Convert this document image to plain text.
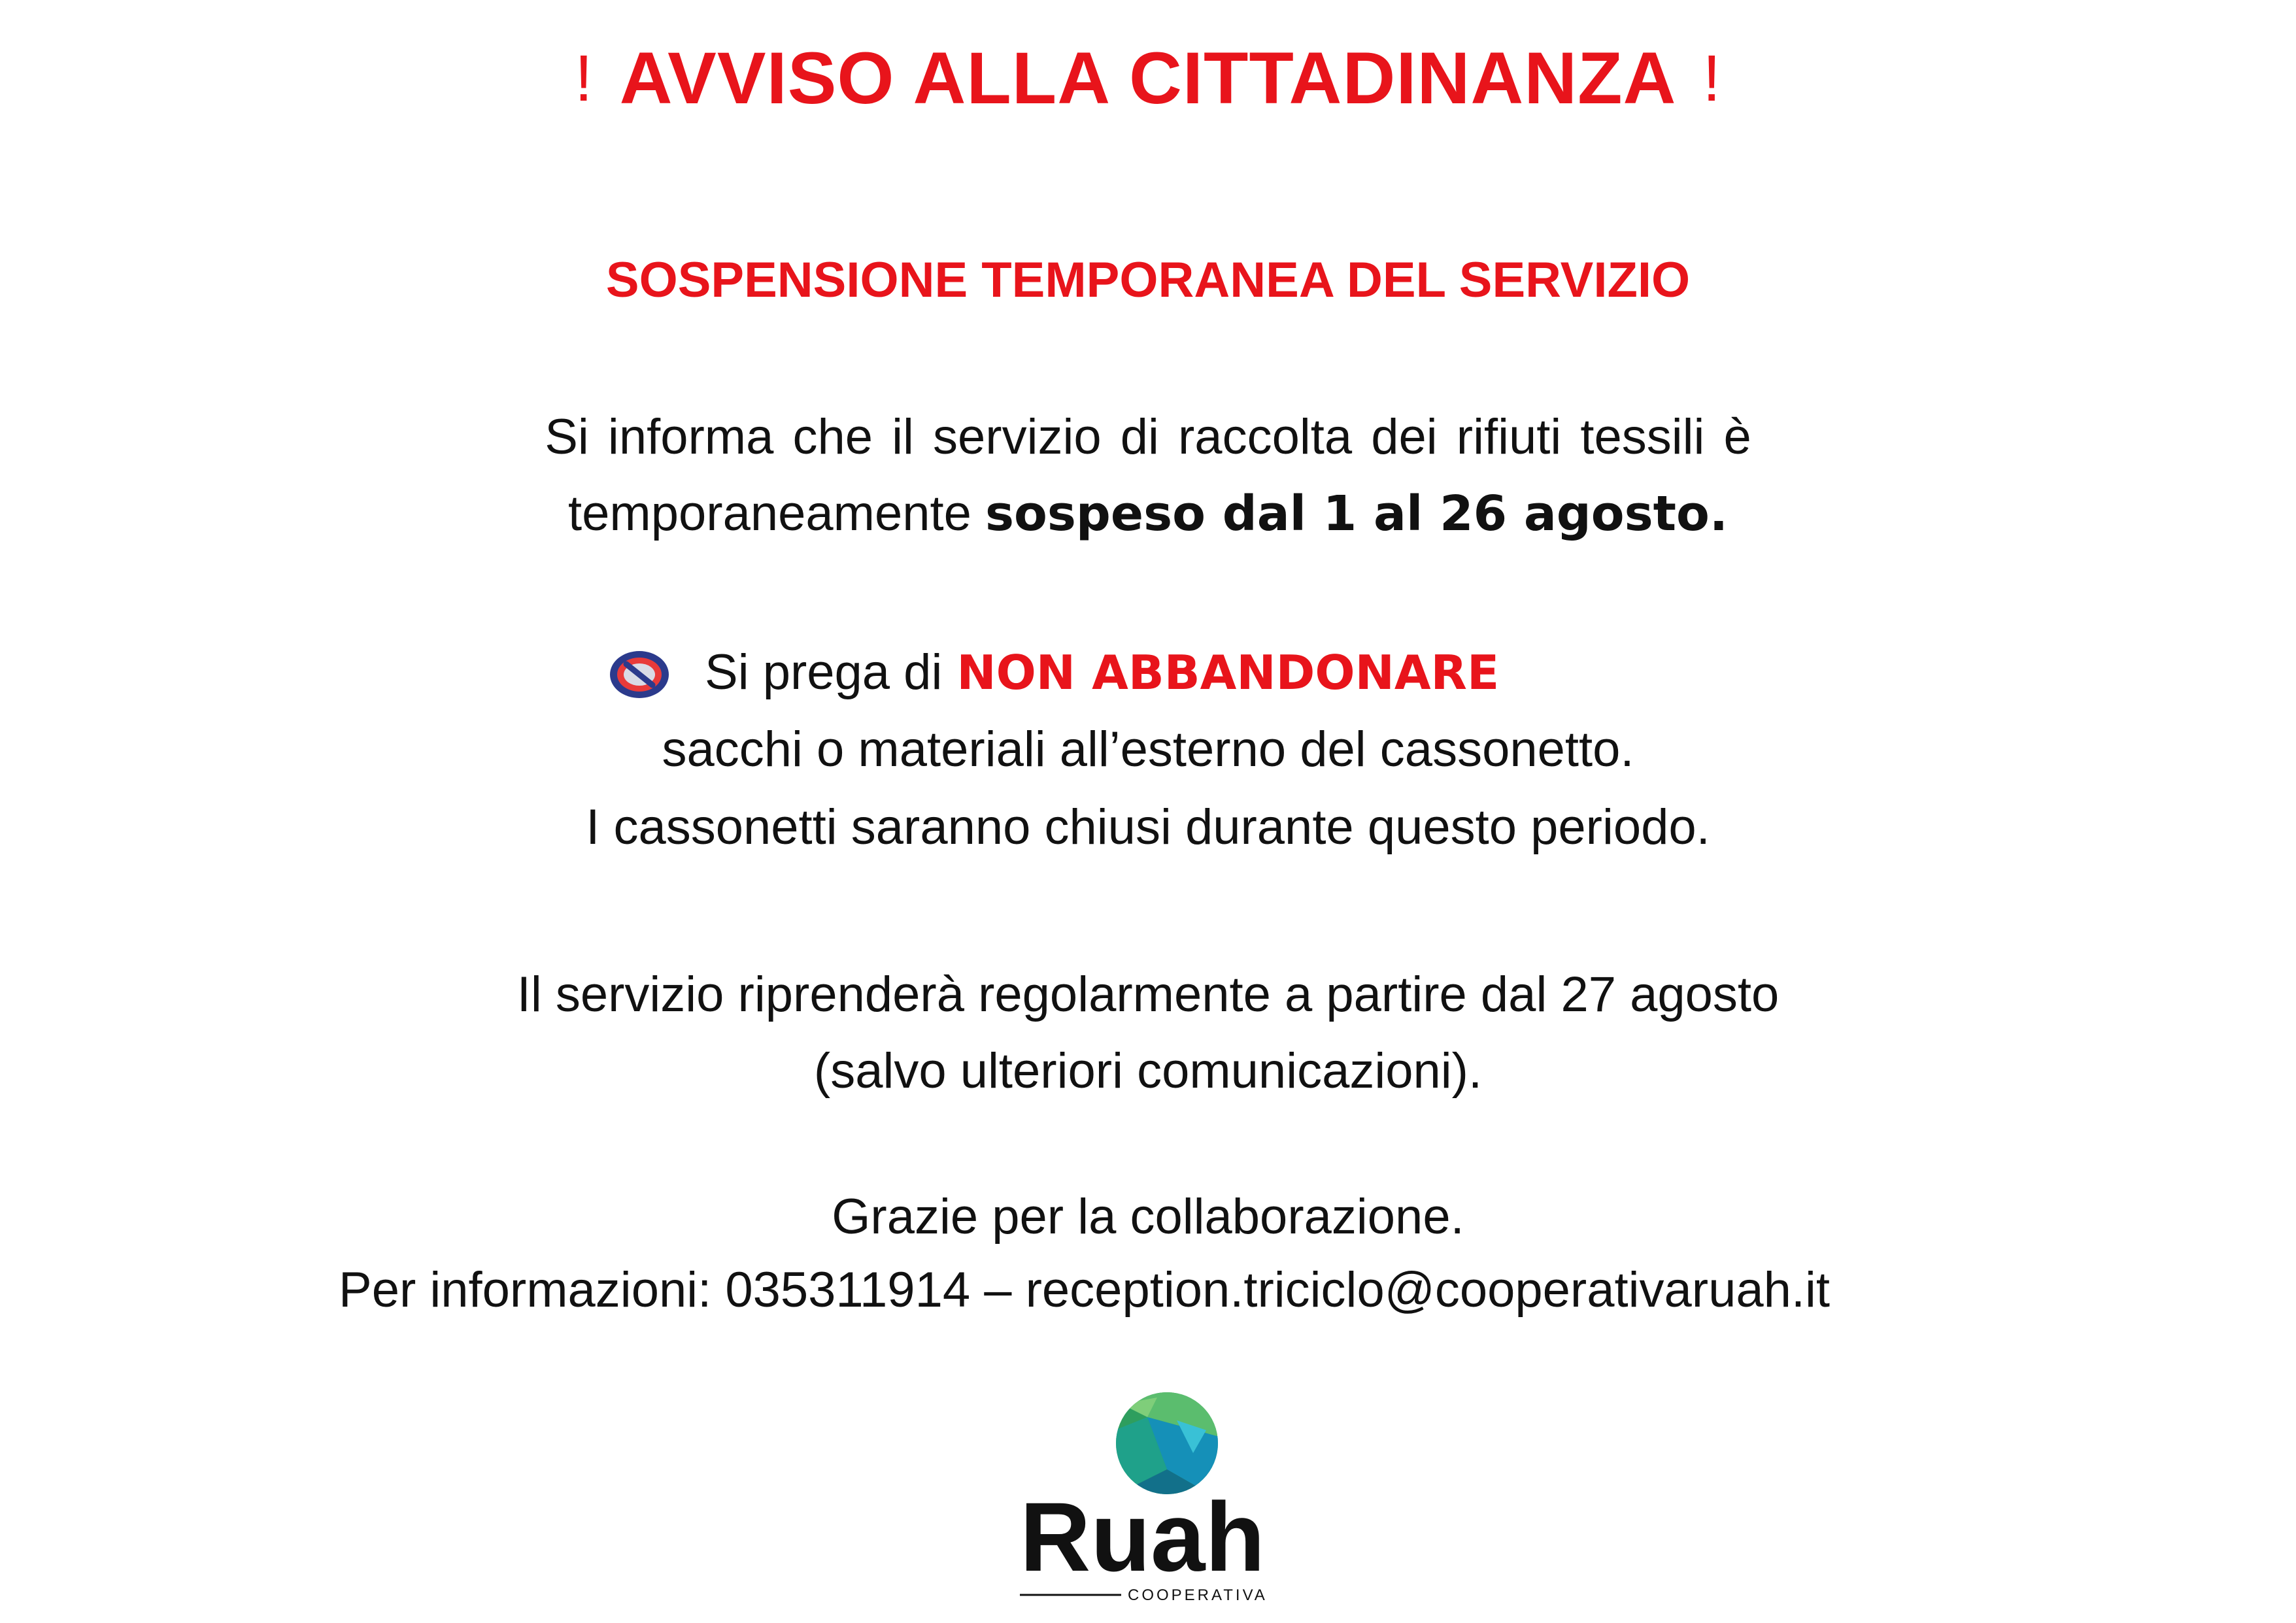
! AVVISO ALLA CITTADINANZA !
SOSPENSIONE TEMPORANEA DEL SERVIZIO
Si informa che il servizio di raccolta dei rifiuti tessili è
temporaneamente sospeso dal 1 al 26 agosto.
Si prega di NON ABBANDONARE
sacchi o materiali all’esterno del cassonetto.
I cassonetti saranno chiusi durante questo periodo.
Il servizio riprenderà regolarmente a partire dal 27 agosto
(salvo ulteriori comunicazioni).
Grazie per la collaborazione.
Per informazioni: 035311914 – reception.triciclo@cooperativaruah.it
Ruah
COOPERATIVA
